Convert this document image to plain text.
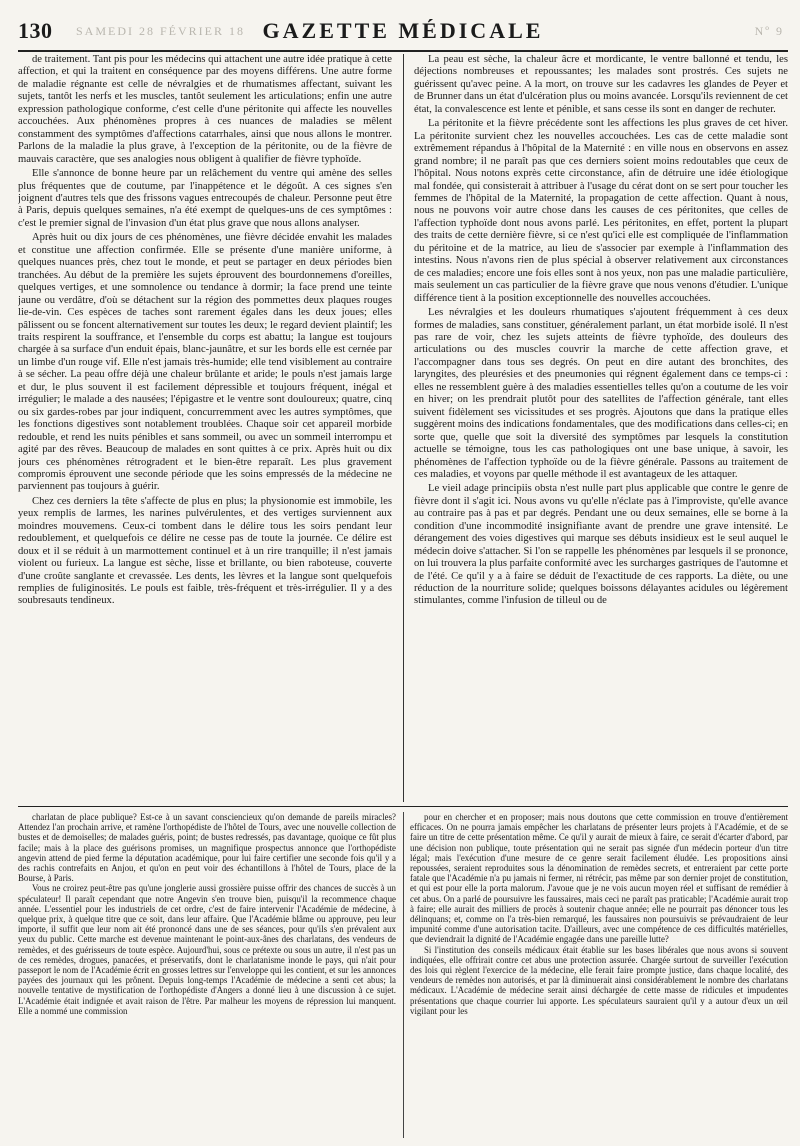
130 SAMEDI 28 FÉVRIER 18 GAZETTE MÉDICALE	Nº 9

de traitement. Tant pis pour les médecins qui attachent une autre idée pratique à cette affection, et qui la traitent en conséquence par des moyens différens. Une autre forme de maladie régnante est celle de névralgies et de rhumatismes affectant, suivant les sujets, tantôt les nerfs et les muscles, tantôt seulement les articulations; enfin une autre expression pathologique conforme, c'est celle d'une péritonite qui affecte les nouvelles accouchées. Aux phénomènes propres à ces nuances de maladies se mêlent constamment des symptômes d'affections catarrhales, ainsi que nous allons le montrer. Parlons de la maladie la plus grave, à l'exception de la péritonite, ou de la fièvre de mauvais caractère, que ses analogies nous obligent à qualifier de fièvre typhoïde.

Elle s'annonce de bonne heure par un relâchement du ventre qui amène des selles plus fréquentes que de coutume, par l'inappétence et le dégoût. A ces signes s'en joignent d'autres tels que des frissons vagues entrecoupés de chaleur. Personne peut être à Paris, depuis quelques semaines, n'a été exempt de quelques-uns de ces symptômes : c'est le premier signal de l'invasion d'un état plus grave que nous allons analyser.

Après huit ou dix jours de ces phénomènes, une fièvre décidée envahit les malades et constitue une affection confirmée. Elle se présente d'une manière uniforme, à quelques nuances près, chez tout le monde, et peut se partager en deux périodes bien tranchées. Au début de la première les sujets éprouvent des bourdonnemens d'oreilles, quelques vertiges, et une somnolence ou tendance à dormir; la face prend une teinte jaune ou verdâtre, d'où se détachent sur la région des pommettes deux plaques rouges lie-de-vin. Ces espèces de taches sont rarement égales dans les deux joues; elles pâlissent ou se foncent alternativement sur toutes les deux; le regard devient plaintif; les traits respirent la souffrance, et l'ensemble du corps est abattu; la langue est toujours chargée à sa surface d'un enduit épais, blanc-jaunâtre, et sur les bords elle est cernée par un limbe d'un rouge vif. Elle n'est jamais très-humide; elle tend visiblement au contraire à se sécher. La peau offre déjà une chaleur brûlante et aride; le pouls n'est jamais large et dur, le plus souvent il est facilement dépressible et toujours fréquent, inégal et irrégulier; le malade a des nausées; l'épigastre et le ventre sont douloureux; quatre, cinq ou six gardes-robes par jour indiquent, concurremment avec les autres symptômes, que les fonctions digestives sont notablement troublées. Chaque soir cet appareil morbide redouble, et rend les nuits pénibles et sans sommeil, ou avec un sommeil interrompu et agité par des rêves. Beaucoup de malades en sont quittes à ce prix. Après huit ou dix jours ces phénomènes rétrogradent et le bien-être reparaît. Les plus gravement compromis éprouvent une seconde période que les soins empressés de la médecine ne parviennent pas toujours à guérir.

Chez ces derniers la tête s'affecte de plus en plus; la physionomie est immobile, les yeux remplis de larmes, les narines pulvérulentes, et des vertiges surviennent aux moindres mouvemens. Ceux-ci tombent dans le délire tous les soirs pendant leur redoublement, et quelquefois ce délire ne cesse pas de toute la journée. Ce délire est doux et il se réduit à un marmottement continuel et à un rire tranquille; il n'est jamais violent ou furieux. La langue est sèche, lisse et brillante, ou bien raboteuse, couverte d'une croûte sanglante et crevassée. Les dents, les lèvres et la langue sont quelquefois remplies de fuliginosités. Le pouls est faible, très-fréquent et très-irrégulier. Il y a des soubresauts tendineux.

La peau est sèche, la chaleur âcre et mordicante, le ventre ballonné et tendu, les déjections nombreuses et repoussantes; les malades sont prostrés. Ces sujets ne guérissent qu'avec peine. A la mort, on trouve sur les cadavres les glandes de Peyer et de Brunner dans un état d'ulcération plus ou moins avancée. Lorsqu'ils reviennent de cet état, la convalescence est lente et pénible, et sans cesse ils sont en danger de rechuter.

La péritonite et la fièvre précédente sont les affections les plus graves de cet hiver. La péritonite survient chez les nouvelles accouchées. Les cas de cette maladie sont extrêmement répandus à l'hôpital de la Maternité : en ville nous en observons en assez grand nombre; il ne paraît pas que ces derniers soient moins redoutables que ceux de l'hôpital. Nous notons exprès cette circonstance, afin de détruire une idée étiologique mal fondée, qui consisterait à attribuer à l'usage du cérat dont on se sert pour toucher les femmes de l'hôpital de la Maternité, la propagation de cette affection. Quant à nous, nous ne pouvons voir autre chose dans les causes de ces péritonites, que celles de l'affection typhoïde dont nous avons parlé. Les péritonites, en effet, portent la plupart des traits de cette dernière fièvre, si ce n'est qu'ici elle est compliquée de l'inflammation du péritoine et de la matrice, au lieu de s'associer par exemple à l'inflammation des intestins. Nous n'avons rien de plus spécial à observer relativement aux circonstances de ces maladies; encore une fois elles sont à nos yeux, non pas une maladie particulière, mais seulement un cas particulier de la fièvre grave que nous venons d'étudier. L'unique différence tient à la position exceptionnelle des nouvelles accouchées.

Les névralgies et les douleurs rhumatiques s'ajoutent fréquemment à ces deux formes de maladies, sans constituer, généralement parlant, un état morbide isolé. Il n'est pas rare de voir, chez les sujets atteints de fièvre typhoïde, des douleurs des articulations ou des muscles couvrir la marche de cette affection grave, et l'accompagner dans tous ses degrés. On peut en dire autant des bronchites, des laryngites, des pleurésies et des pneumonies qui régnent également dans ce temps-ci : elles ne ressemblent guère à des maladies essentielles telles qu'on a coutume de les voir en hiver; on les prendrait plutôt pour des satellites de l'affection générale, tant elles suivent fidèlement ses vicissitudes et ses progrès. Ajoutons que dans la pratique elles suggèrent moins des indications fondamentales, que des modifications dans celles-ci; en sorte que, quelle que soit la diversité des symptômes par lesquels la constitution actuelle se témoigne, tous les cas pathologiques ont une base unique, à savoir, les phénomènes de l'affection typhoïde ou de la fièvre générale. Passons au traitement de ces maladies, et voyons par quelle méthode il est avantageux de les attaquer.

Le vieil adage principiis obsta n'est nulle part plus applicable que contre le genre de fièvre dont il s'agit ici. Nous avons vu qu'elle n'éclate pas à l'improviste, qu'elle avance au contraire pas à pas et par degrés. Pendant une ou deux semaines, elle se borne à la condition d'une incommodité insignifiante avant de prendre une grave intensité. Le dérangement des voies digestives qui marque ses débuts insidieux est le seul auquel le médecin doive s'attacher. Si l'on se rappelle les phénomènes par lesquels il se prononce, on lui trouvera la plus parfaite conformité avec les surcharges gastriques de l'automne et de l'été. Ce qu'il y a à faire se déduit de l'exactitude de ces rapports. La diète, ou une réduction de la nourriture solide; quelques boissons délayantes acidules ou légèrement stimulantes, comme l'infusion de tilleul ou de

charlatan de place publique? Est-ce à un savant consciencieux qu'on demande de pareils miracles? Attendez l'an prochain arrive, et ramène l'orthopédiste de l'hôtel de Tours, avec une nouvelle collection de bustes et de demoiselles; de malades guéris, point; de bustes redressés, pas davantage, quoique ce fût plus facile; mais à la place des guérisons promises, un magnifique prospectus annonce que l'orthopédiste angevin attend de pied ferme la députation académique, pour lui faire certifier une seconde fois qu'il y a des rachis contrefaits en Anjou, et qu'on en peut voir des échantillons à l'hôtel de Tours, place de la Bourse, à Paris.

Vous ne croirez peut-être pas qu'une jonglerie aussi grossière puisse offrir des chances de succès à un spéculateur! Il paraît cependant que notre Angevin s'en trouve bien, puisqu'il la recommence chaque année. L'essentiel pour les industriels de cet ordre, c'est de faire intervenir l'Académie de médecine, à quelque prix, à quelque titre que ce soit, dans leur affaire. Que l'Académie blâme ou approuve, peu leur importe, il suffit que leur nom ait été prononcé dans une de ses séances, pour qu'ils s'en prévalent aux yeux du public. Cette marche est devenue maintenant le point-aux-ânes des charlatans, des vendeurs de remèdes, et des guérisseurs de toute espèce. Aujourd'hui, sous ce prétexte ou sous un autre, il n'est pas un de ces remèdes, drogues, panacées, et préservatifs, dont le charlatanisme inonde le pays, qui n'ait pour passeport le nom de l'Académie écrit en grosses lettres sur l'enveloppe qui les contient, et sur les annonces payées des journaux qui les prônent. Depuis long-temps l'Académie de médecine a senti cet abus; la nouvelle tentative de mystification de l'orthopédiste d'Angers a donné lieu à une discussion à ce sujet. L'Académie était indignée et avait raison de l'être. Par malheur les moyens de répression lui manquent. Elle a nommé une commission

pour en chercher et en proposer; mais nous doutons que cette commission en trouve d'entièrement efficaces. On ne pourra jamais empêcher les charlatans de présenter leurs projets à l'Académie, et de se faire un titre de cette présentation même. Ce qu'il y aurait de mieux à faire, ce serait d'écarter d'abord, par une décision non publique, toute présentation qui ne serait pas signée d'un médecin porteur d'un titre légal; mais l'exécution d'une mesure de ce genre serait facilement éludée. Les propositions ainsi repoussées, seraient reproduites sous la dénomination de remèdes secrets, et entreraient par cette porte fatale que l'Académie n'a pu jamais ni fermer, ni rétrécir, pas même par son dernier projet de constitution, et qui est pour elle la porta malorum. J'avoue que je ne vois aucun moyen réel et suffisant de remédier à cet abus. On a parlé de poursuivre les faussaires, mais ceci ne paraît pas praticable; l'Académie aurait trop à faire; elle aurait des milliers de procès à soutenir chaque année; elle ne pourrait pas dénoncer tous les délinquans; et, comme on l'a très-bien remarqué, les faussaires non poursuivis se prévaudraient de leur impunité comme d'une autorisation tacite. D'ailleurs, avec une compétence de ces difficultés matérielles, que deviendrait la dignité de l'Académie engagée dans une pareille lutte?

Si l'institution des conseils médicaux était établie sur les bases libérales que nous avons si souvent indiquées, elle offrirait contre cet abus une protection assurée. Chargée surtout de surveiller l'exécution des lois qui règlent l'exercice de la médecine, elle ferait faire prompte justice, dans chaque localité, des vendeurs de remèdes non autorisés, et par là diminuerait ainsi considérablement le nombre des charlatans médicaux. L'Académie de médecine serait ainsi déchargée de cette masse de ridicules et impudentes présentations que chaque courrier lui apporte. Les spéculateurs sauraient qu'il y a autour d'eux un œil vigilant pour les
